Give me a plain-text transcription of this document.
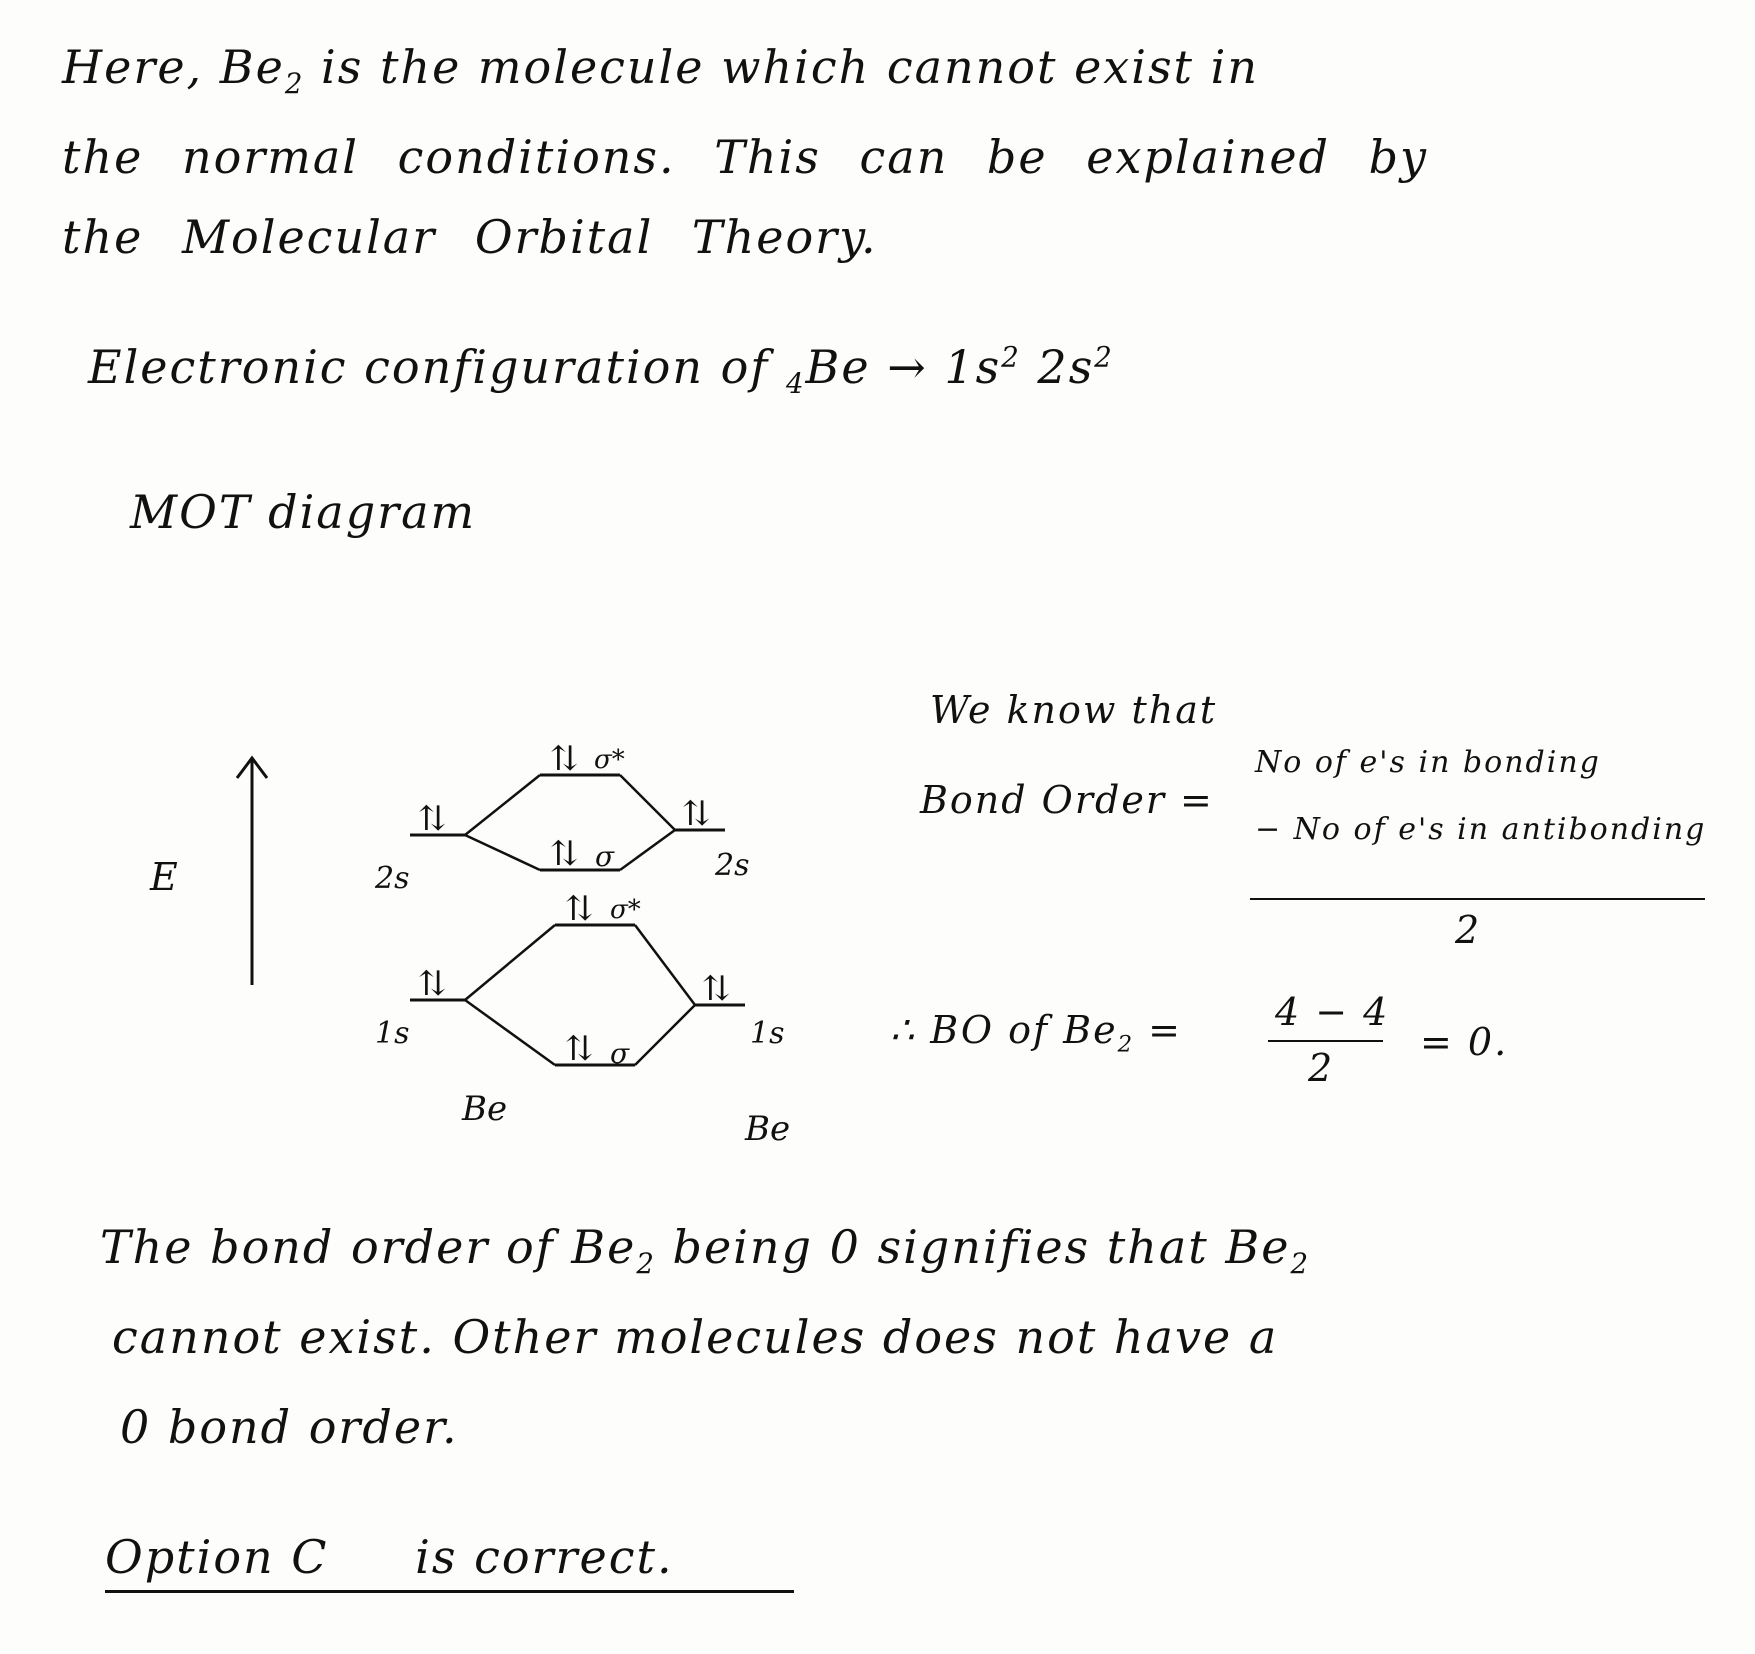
Here, $Be_2$ is the molecule which cannot exist in
the normal conditions. This can be explained by
the Molecular Orbital Theory.
Electronic configuration of $_4Be \to 1s^2$ $2s^2$
MOT diagram
E
⇅	⇅
⇅
⇅
⇅	⇅
⇅
⇅
σ*
σ
σ*
σ
2s	2s
1s	1s
Be	Be
We know that
Bond Order =
No of e's in bonding
− No of e's in antibonding
2
∴ BO of $Be_2 = 4 - 4$
2
= 0.
The bond order of $Be_2$ being 0 signifies that $Be_2$
cannot exist. Other molecules does not have a
0 bond order.
Option C is correct.
